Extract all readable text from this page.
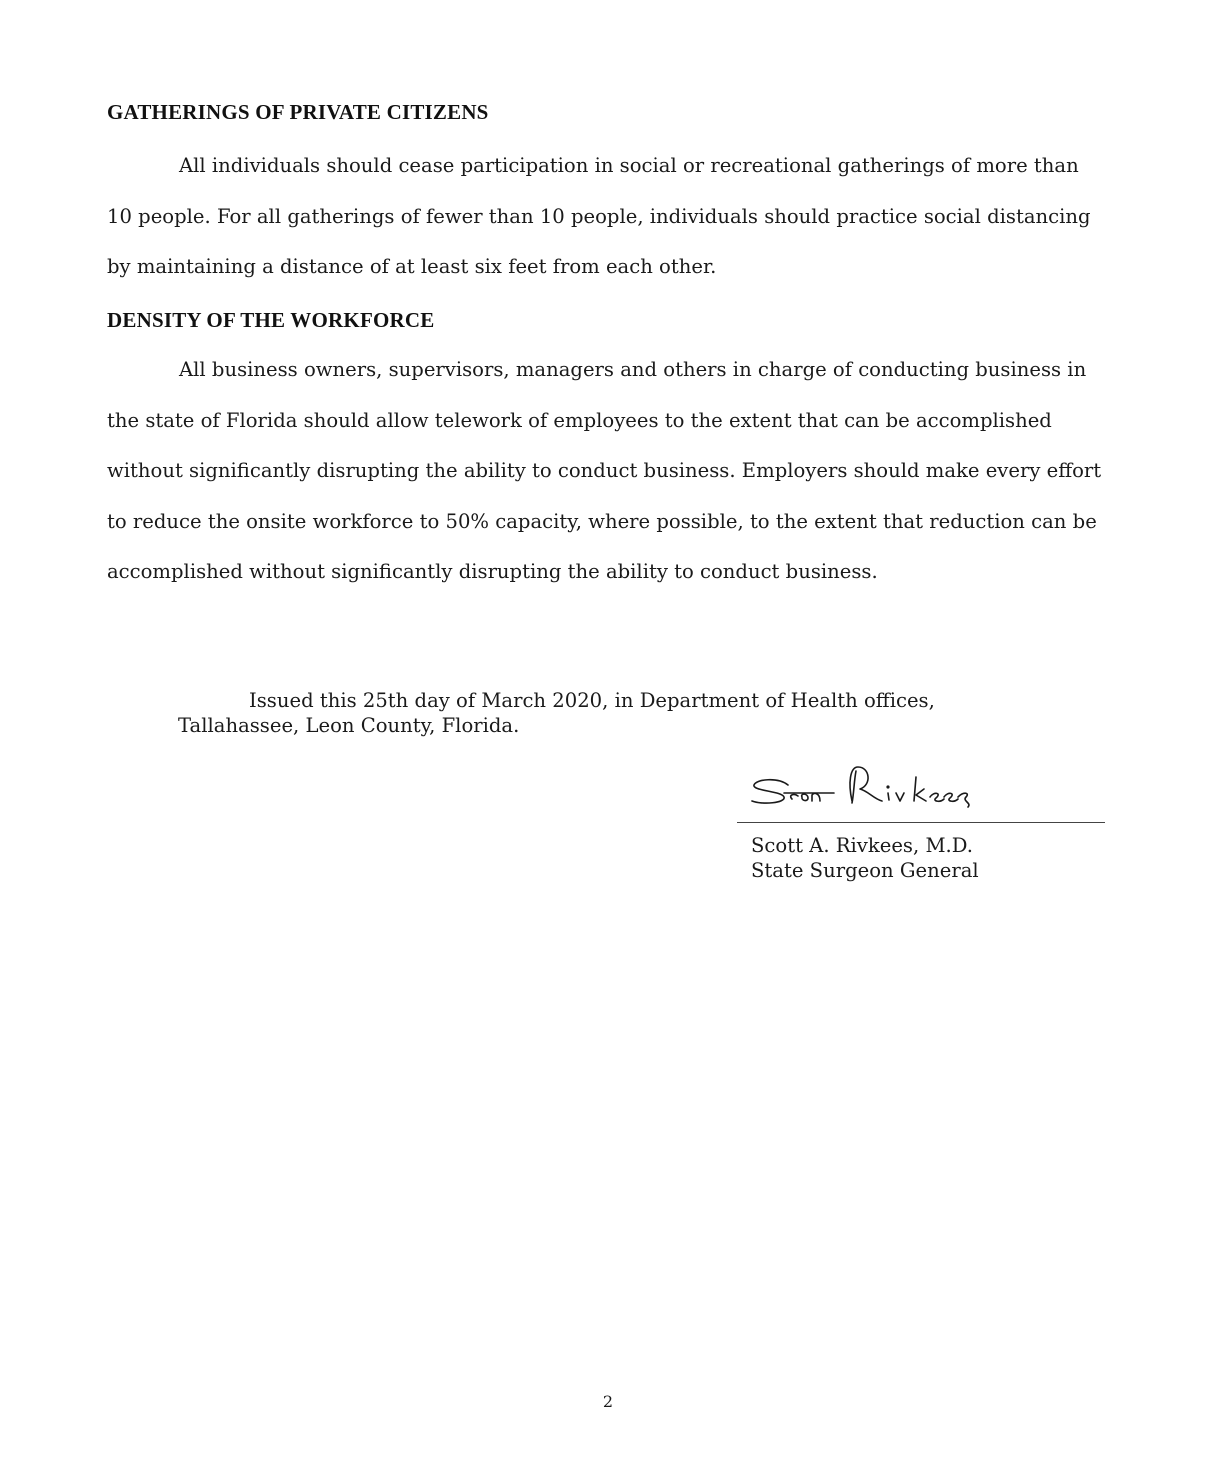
GATHERINGS OF PRIVATE CITIZENS

All individuals should cease participation in social or recreational gatherings of more than 10 people. For all gatherings of fewer than 10 people, individuals should practice social distancing by maintaining a distance of at least six feet from each other.

DENSITY OF THE WORKFORCE

All business owners, supervisors, managers and others in charge of conducting business in the state of Florida should allow telework of employees to the extent that can be accomplished without significantly disrupting the ability to conduct business. Employers should make every effort to reduce the onsite workforce to 50% capacity, where possible, to the extent that reduction can be accomplished without significantly disrupting the ability to conduct business.

Issued this 25th day of March 2020, in Department of Health offices,
Tallahassee, Leon County, Florida.

Scott A. Rivkees, M.D.
State Surgeon General

2
